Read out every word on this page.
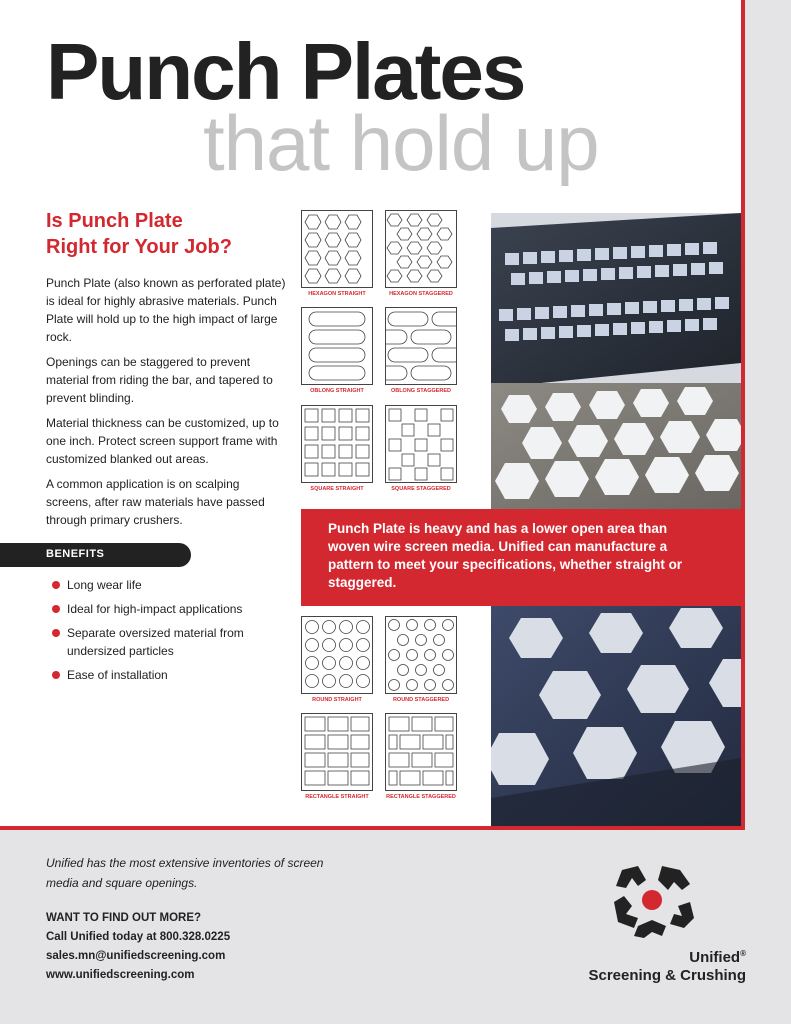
Punch Plates
that hold up
Is Punch Plate
Right for Your Job?

Punch Plate (also known as perforated plate) is ideal for highly abrasive materials. Punch Plate will hold up to the high impact of large rock.

Openings can be staggered to prevent material from riding the bar, and tapered to prevent blinding.

Material thickness can be customized, up to one inch. Protect screen support frame with customized blanked out areas.

A common application is on scalping screens, after raw materials have passed through primary crushers.

BENEFITS
Long wear life
Ideal for high-impact applications
Separate oversized material from undersized particles
Ease of installation
HEXAGON STRAIGHT	HEXAGON STAGGERED
OBLONG STRAIGHT	OBLONG STAGGERED
SQUARE STRAIGHT	SQUARE STAGGERED
ROUND STRAIGHT	ROUND STAGGERED
RECTANGLE STRAIGHT	RECTANGLE STAGGERED

Punch Plate is heavy and has a lower open area than woven wire screen media. Unified can manufacture a pattern to meet your specifications, whether straight or staggered.

Unified has the most extensive inventories of screen media and square openings.
WANT TO FIND OUT MORE?
Call Unified today at 800.328.0225
sales.mn@unifiedscreening.com
www.unifiedscreening.com
Unified®
Screening & Crushing
